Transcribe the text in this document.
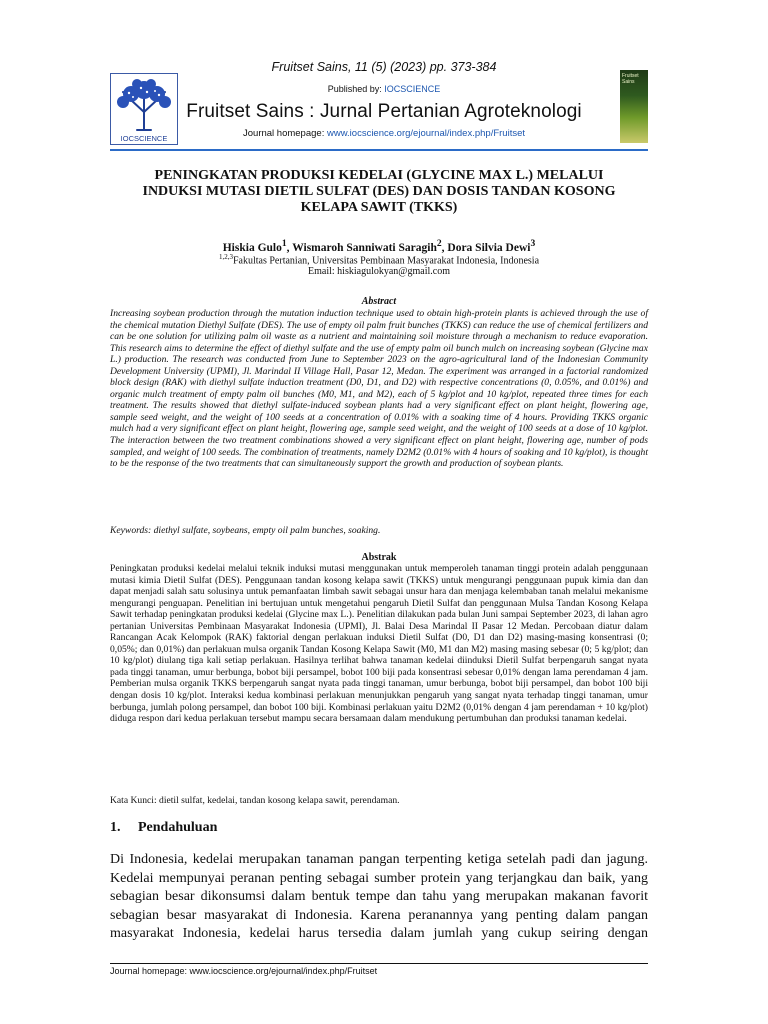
Fruitset Sains, 11 (5) (2023) pp. 373-384
IOCSCIENCE
Fruitset Sains
Published by: IOCSCIENCE
Fruitset Sains : Jurnal Pertanian Agroteknologi
Journal homepage: www.iocscience.org/ejournal/index.php/Fruitset
PENINGKATAN PRODUKSI KEDELAI (GLYCINE MAX L.) MELALUI
INDUKSI MUTASI DIETIL SULFAT (DES) DAN DOSIS TANDAN KOSONG
KELAPA SAWIT (TKKS)
Hiskia Gulo$^1$, Wismaroh Sanniwati Saragih$^2$, Dora Silvia Dewi$^3$
$^{1,2,3}$Fakultas Pertanian, Universitas Pembinaan Masyarakat Indonesia, Indonesia
Email: hiskiagulokyan@gmail.com
Abstract
Increasing soybean production through the mutation induction technique used to obtain high-protein plants is achieved through the use of the chemical mutation Diethyl Sulfate (DES). The use of empty oil palm fruit bunches (TKKS) can reduce the use of chemical fertilizers and can be one solution for utilizing palm oil waste as a nutrient and maintaining soil moisture through a mechanism to reduce evaporation. This research aims to determine the effect of diethyl sulfate and the use of empty palm oil bunch mulch on increasing soybean (Glycine max L.) production. The research was conducted from June to September 2023 on the agro-agricultural land of the Indonesian Community Development University (UPMI), Jl. Marindal II Village Hall, Pasar 12, Medan. The experiment was arranged in a factorial randomized block design (RAK) with diethyl sulfate induction treatment (D0, D1, and D2) with respective concentrations (0, 0.05%, and 0.01%) and organic mulch treatment of empty palm oil bunches (M0, M1, and M2), each of 5 kg/plot and 10 kg/plot, repeated three times for each treatment. The results showed that diethyl sulfate-induced soybean plants had a very significant effect on plant height, flowering age, sample seed weight, and the weight of 100 seeds at a concentration of 0.01% with a soaking time of 4 hours. Providing TKKS organic mulch had a very significant effect on plant height, flowering age, sample seed weight, and the weight of 100 seeds at a dose of 10 kg/plot. The interaction between the two treatment combinations showed a very significant effect on plant height, flowering age, number of pods sampled, and weight of 100 seeds. The combination of treatments, namely D2M2 (0.01% with 4 hours of soaking and 10 kg/plot), is thought to be the response of the two treatments that can simultaneously support the growth and production of soybean plants.
Keywords: diethyl sulfate, soybeans, empty oil palm bunches, soaking.
Abstrak
Peningkatan produksi kedelai melalui teknik induksi mutasi menggunakan untuk memperoleh tanaman tinggi protein adalah penggunaan mutasi kimia Dietil Sulfat (DES). Penggunaan tandan kosong kelapa sawit (TKKS) untuk mengurangi penggunaan pupuk kimia dan dan dapat menjadi salah satu solusinya untuk pemanfaatan limbah sawit sebagai unsur hara dan menjaga kelembaban tanah melalui mekanisme mengurangi penguapan. Penelitian ini bertujuan untuk mengetahui pengaruh Dietil Sulfat dan penggunaan Mulsa Tandan Kosong Kelapa Sawit terhadap peningkatan produksi kedelai (Glycine max L.). Penelitian dilakukan pada bulan Juni sampai September 2023, di lahan agro pertanian Universitas Pembinaan Masyarakat Indonesia (UPMI), Jl. Balai Desa Marindal II Pasar 12 Medan. Percobaan diatur dalam Rancangan Acak Kelompok (RAK) faktorial dengan perlakuan induksi Dietil Sulfat (D0, D1 dan D2) masing-masing konsentrasi (0; 0,05%; dan 0,01%) dan perlakuan mulsa organik Tandan Kosong Kelapa Sawit (M0, M1 dan M2) masing masing sebesar (0; 5 kg/plot; dan 10 kg/plot) diulang tiga kali setiap perlakuan. Hasilnya terlihat bahwa tanaman kedelai diinduksi Dietil Sulfat berpengaruh sangat nyata pada tinggi tanaman, umur berbunga, bobot biji persampel, bobot 100 biji pada konsentrasi sebesar 0,01% dengan lama perendaman 4 jam. Pemberian mulsa organik TKKS berpengaruh sangat nyata pada tinggi tanaman, umur berbunga, bobot biji persampel, dan bobot 100 biji dengan dosis 10 kg/plot. Interaksi kedua kombinasi perlakuan menunjukkan pengaruh yang sangat nyata terhadap tinggi tanaman, umur berbunga, jumlah polong persampel, dan bobot 100 biji. Kombinasi perlakuan yaitu D2M2 (0,01% dengan 4 jam perendaman + 10 kg/plot) diduga respon dari kedua perlakuan tersebut mampu secara bersamaan dalam mendukung pertumbuhan dan produksi tanaman kedelai.
Kata Kunci: dietil sulfat, kedelai, tandan kosong kelapa sawit, perendaman.
1. Pendahuluan
Di Indonesia, kedelai merupakan tanaman pangan terpenting ketiga setelah padi dan jagung. Kedelai mempunyai peranan penting sebagai sumber protein yang terjangkau dan baik, yang sebagian besar dikonsumsi dalam bentuk tempe dan tahu yang merupakan makanan favorit sebagian besar masyarakat di Indonesia. Karena peranannya yang penting dalam pangan masyarakat Indonesia, kedelai harus tersedia dalam jumlah yang cukup seiring dengan
Journal homepage: www.iocscience.org/ejournal/index.php/Fruitset
